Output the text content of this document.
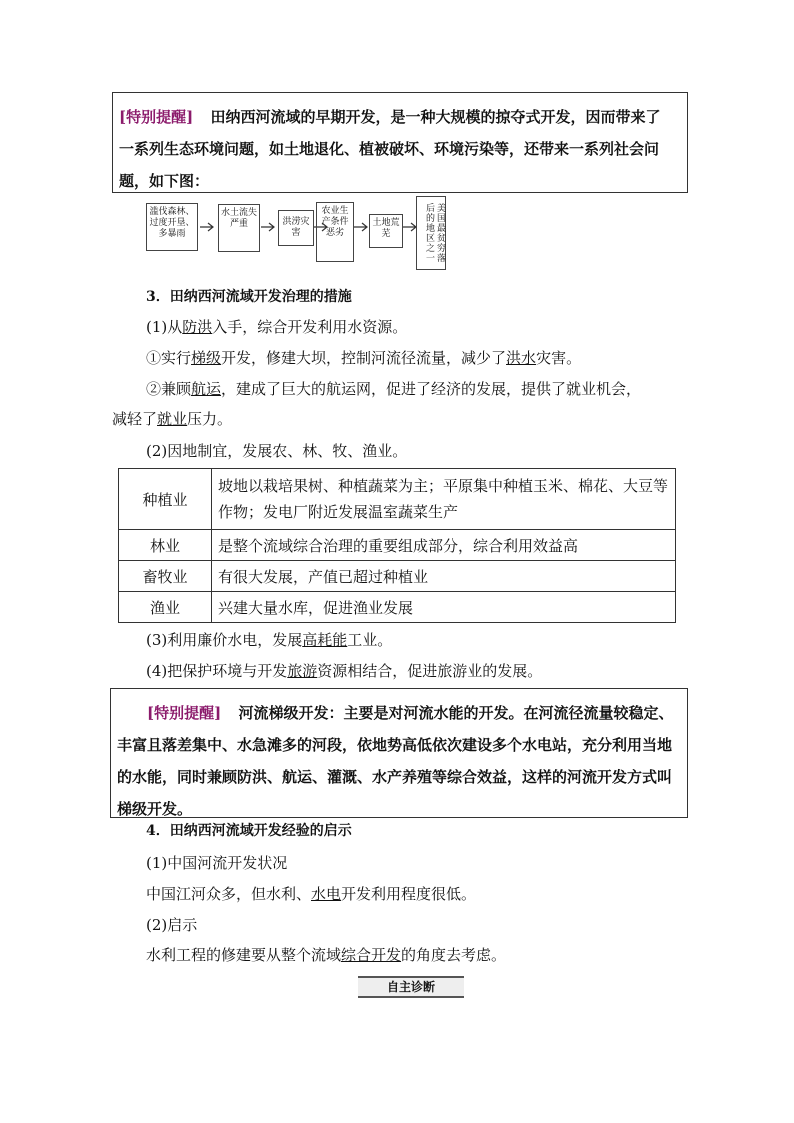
[特别提醒] 田纳西河流域的早期开发，是一种大规模的掠夺式开发，因而带来了一系列生态环境问题，如土地退化、植被破坏、环境污染等，还带来一系列社会问题，如下图：
滥伐森林、过度开垦、多暴雨
水土流失严重	洪涝灾害
农业生产条件恶劣
土地荒芜	美国最贫穷落后的地区之一
3．田纳西河流域开发治理的措施
(1)从防洪入手，综合开发利用水资源。
①实行梯级开发，修建大坝，控制河流径流量，减少了洪水灾害。
②兼顾航运，建成了巨大的航运网，促进了经济的发展，提供了就业机会，
减轻了就业压力。
(2)因地制宜，发展农、林、牧、渔业。
种植业	坡地以栽培果树、种植蔬菜为主；平原集中种植玉米、棉花、大豆等作物；发电厂附近发展温室蔬菜生产
林业	是整个流域综合治理的重要组成部分，综合利用效益高
畜牧业	有很大发展，产值已超过种植业
渔业	兴建大量水库，促进渔业发展
(3)利用廉价水电，发展高耗能工业。
(4)把保护环境与开发旅游资源相结合，促进旅游业的发展。
[特别提醒] 河流梯级开发：主要是对河流水能的开发。在河流径流量较稳定、丰富且落差集中、水急滩多的河段，依地势高低依次建设多个水电站，充分利用当地的水能，同时兼顾防洪、航运、灌溉、水产养殖等综合效益，这样的河流开发方式叫梯级开发。
4．田纳西河流域开发经验的启示
(1)中国河流开发状况
中国江河众多，但水利、水电开发利用程度很低。
(2)启示
水利工程的修建要从整个流域综合开发的角度去考虑。
自主诊断
